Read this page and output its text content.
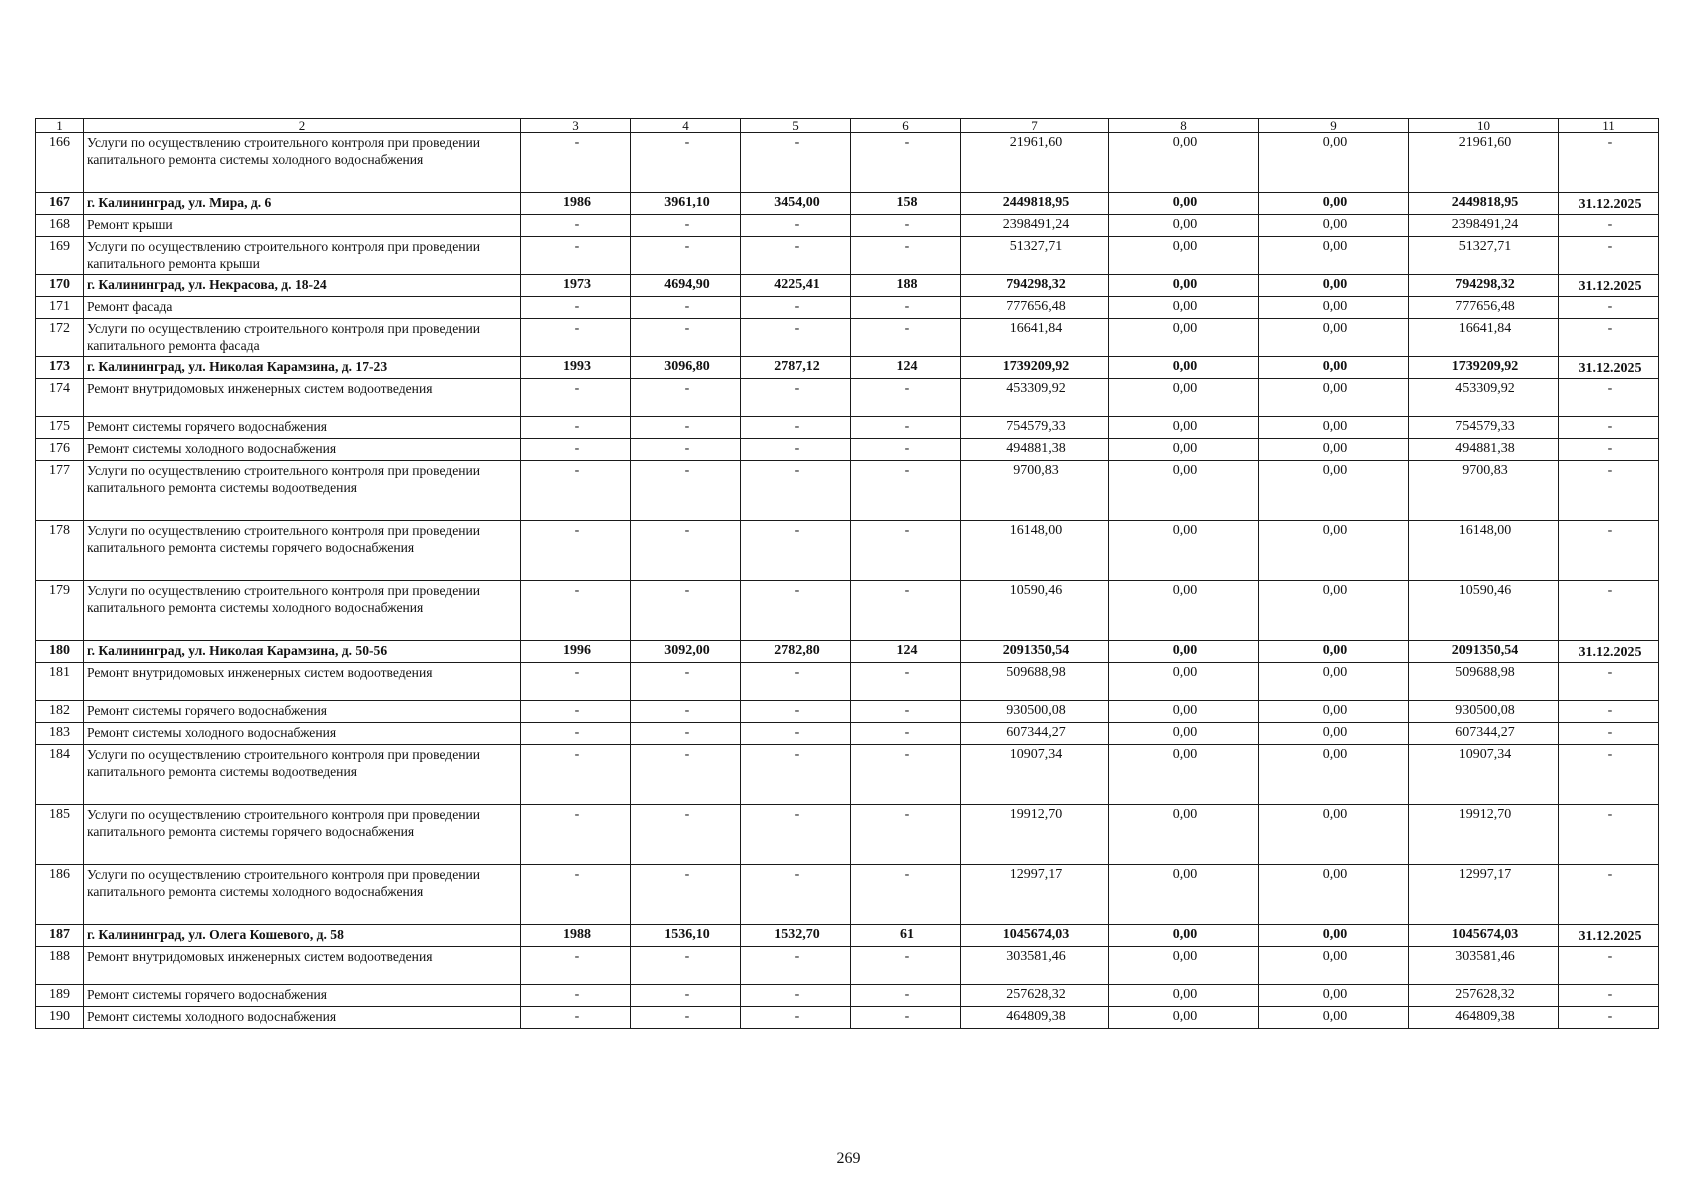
1	2	3	4	5	6	7	8	9	10	11
166	Услуги по осуществлению строительного контроля при проведении капитального ремонта системы холодного водоснабжения	-	-	-	-	21961,60	0,00	0,00	21961,60	-
167	г. Калининград, ул. Мира, д. 6	1986	3961,10	3454,00	158	2449818,95	0,00	0,00	2449818,95	31.12.2025
168	Ремонт крыши	-	-	-	-	2398491,24	0,00	0,00	2398491,24	-
169	Услуги по осуществлению строительного контроля при проведении капитального ремонта крыши	-	-	-	-	51327,71	0,00	0,00	51327,71	-
170	г. Калининград, ул. Некрасова, д. 18-24	1973	4694,90	4225,41	188	794298,32	0,00	0,00	794298,32	31.12.2025
171	Ремонт фасада	-	-	-	-	777656,48	0,00	0,00	777656,48	-
172	Услуги по осуществлению строительного контроля при проведении капитального ремонта фасада	-	-	-	-	16641,84	0,00	0,00	16641,84	-
173	г. Калининград, ул. Николая Карамзина, д. 17-23	1993	3096,80	2787,12	124	1739209,92	0,00	0,00	1739209,92	31.12.2025
174	Ремонт внутридомовых инженерных систем водоотведения	-	-	-	-	453309,92	0,00	0,00	453309,92	-
175	Ремонт системы горячего водоснабжения	-	-	-	-	754579,33	0,00	0,00	754579,33	-
176	Ремонт системы холодного водоснабжения	-	-	-	-	494881,38	0,00	0,00	494881,38	-
177	Услуги по осуществлению строительного контроля при проведении капитального ремонта системы водоотведения	-	-	-	-	9700,83	0,00	0,00	9700,83	-
178	Услуги по осуществлению строительного контроля при проведении капитального ремонта системы горячего водоснабжения	-	-	-	-	16148,00	0,00	0,00	16148,00	-
179	Услуги по осуществлению строительного контроля при проведении капитального ремонта системы холодного водоснабжения	-	-	-	-	10590,46	0,00	0,00	10590,46	-
180	г. Калининград, ул. Николая Карамзина, д. 50-56	1996	3092,00	2782,80	124	2091350,54	0,00	0,00	2091350,54	31.12.2025
181	Ремонт внутридомовых инженерных систем водоотведения	-	-	-	-	509688,98	0,00	0,00	509688,98	-
182	Ремонт системы горячего водоснабжения	-	-	-	-	930500,08	0,00	0,00	930500,08	-
183	Ремонт системы холодного водоснабжения	-	-	-	-	607344,27	0,00	0,00	607344,27	-
184	Услуги по осуществлению строительного контроля при проведении капитального ремонта системы водоотведения	-	-	-	-	10907,34	0,00	0,00	10907,34	-
185	Услуги по осуществлению строительного контроля при проведении капитального ремонта системы горячего водоснабжения	-	-	-	-	19912,70	0,00	0,00	19912,70	-
186	Услуги по осуществлению строительного контроля при проведении капитального ремонта системы холодного водоснабжения	-	-	-	-	12997,17	0,00	0,00	12997,17	-
187	г. Калининград, ул. Олега Кошевого, д. 58	1988	1536,10	1532,70	61	1045674,03	0,00	0,00	1045674,03	31.12.2025
188	Ремонт внутридомовых инженерных систем водоотведения	-	-	-	-	303581,46	0,00	0,00	303581,46	-
189	Ремонт системы горячего водоснабжения	-	-	-	-	257628,32	0,00	0,00	257628,32	-
190	Ремонт системы холодного водоснабжения	-	-	-	-	464809,38	0,00	0,00	464809,38	-
269
